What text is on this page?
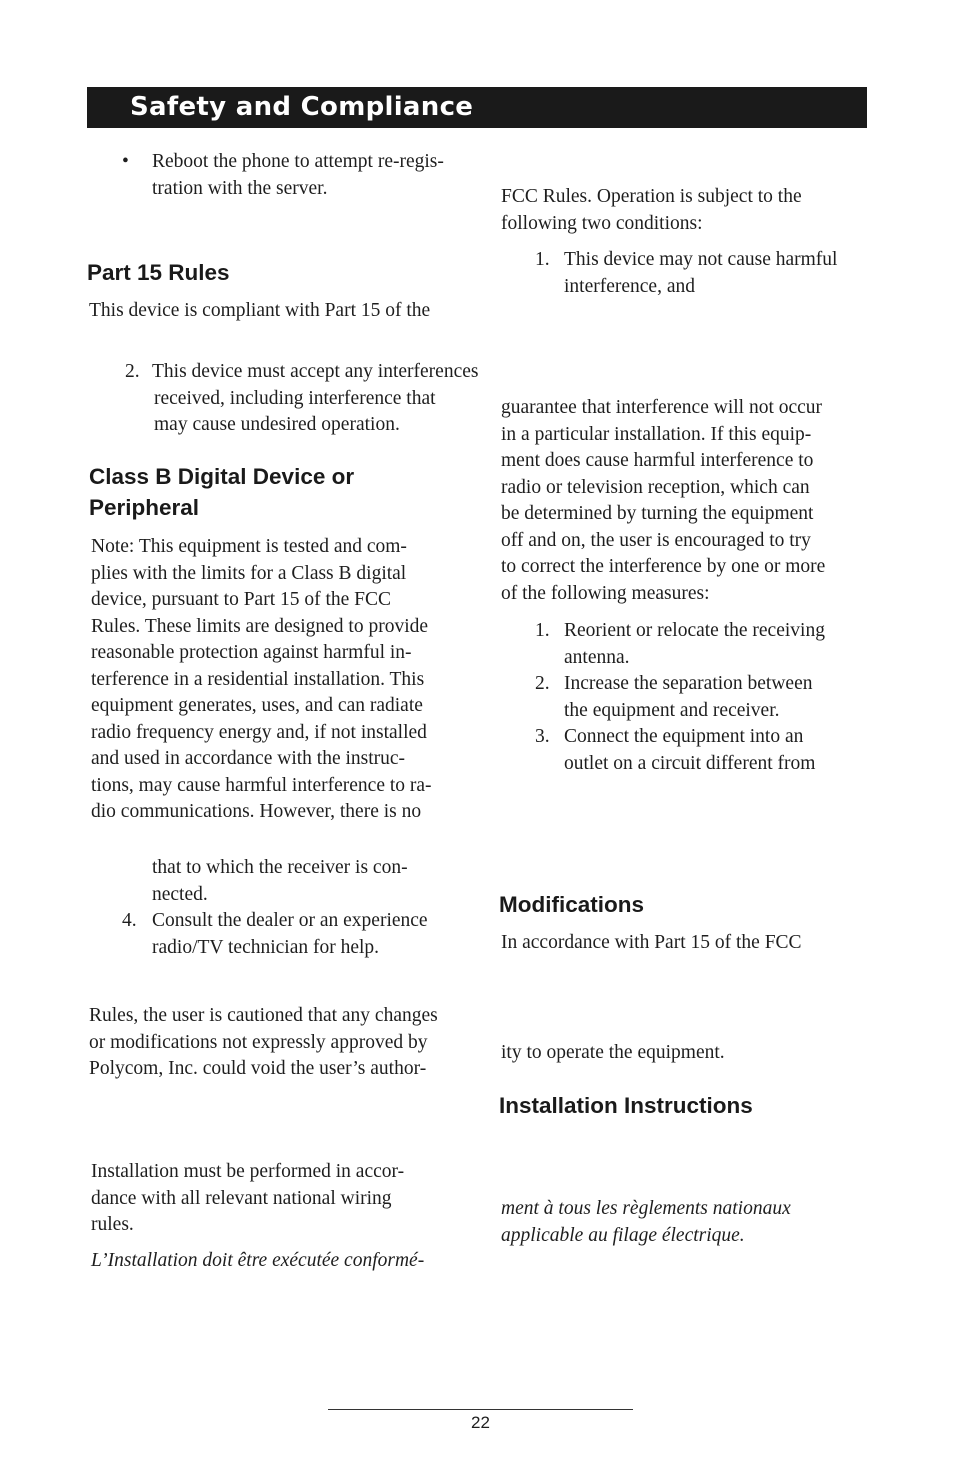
Safety and Compliance
• Reboot the phone to attempt re-regis-
tration with the server.
Part 15 Rules
This device is compliant with Part 15 of the
FCC Rules. Operation is subject to the
following two conditions:
1. This device may not cause harmful
interference, and
2. This device must accept any interferences
received, including interference that
may cause undesired operation.
Class B Digital Device or
Peripheral
Note: This equipment is tested and com-
plies with the limits for a Class B digital
device, pursuant to Part 15 of the FCC
Rules. These limits are designed to provide
reasonable protection against harmful in-
terference in a residential installation. This
equipment generates, uses, and can radiate
radio frequency energy and, if not installed
and used in accordance with the instruc-
tions, may cause harmful interference to ra-
dio communications. However, there is no
guarantee that interference will not occur
in a particular installation. If this equip-
ment does cause harmful interference to
radio or television reception, which can
be determined by turning the equipment
off and on, the user is encouraged to try
to correct the interference by one or more
of the following measures:
1. Reorient or relocate the receiving
antenna.
2. Increase the separation between
the equipment and receiver.
3. Connect the equipment into an
outlet on a circuit different from
that to which the receiver is con-
nected.
4. Consult the dealer or an experience
radio/TV technician for help.
Modifications
In accordance with Part 15 of the FCC
Rules, the user is cautioned that any changes
or modifications not expressly approved by
Polycom, Inc. could void the user’s author-
ity to operate the equipment.
Installation Instructions
Installation must be performed in accor-
dance with all relevant national wiring
rules.
L’Installation doit être exécutée conformé-
ment à tous les règlements nationaux
applicable au filage électrique.
22
